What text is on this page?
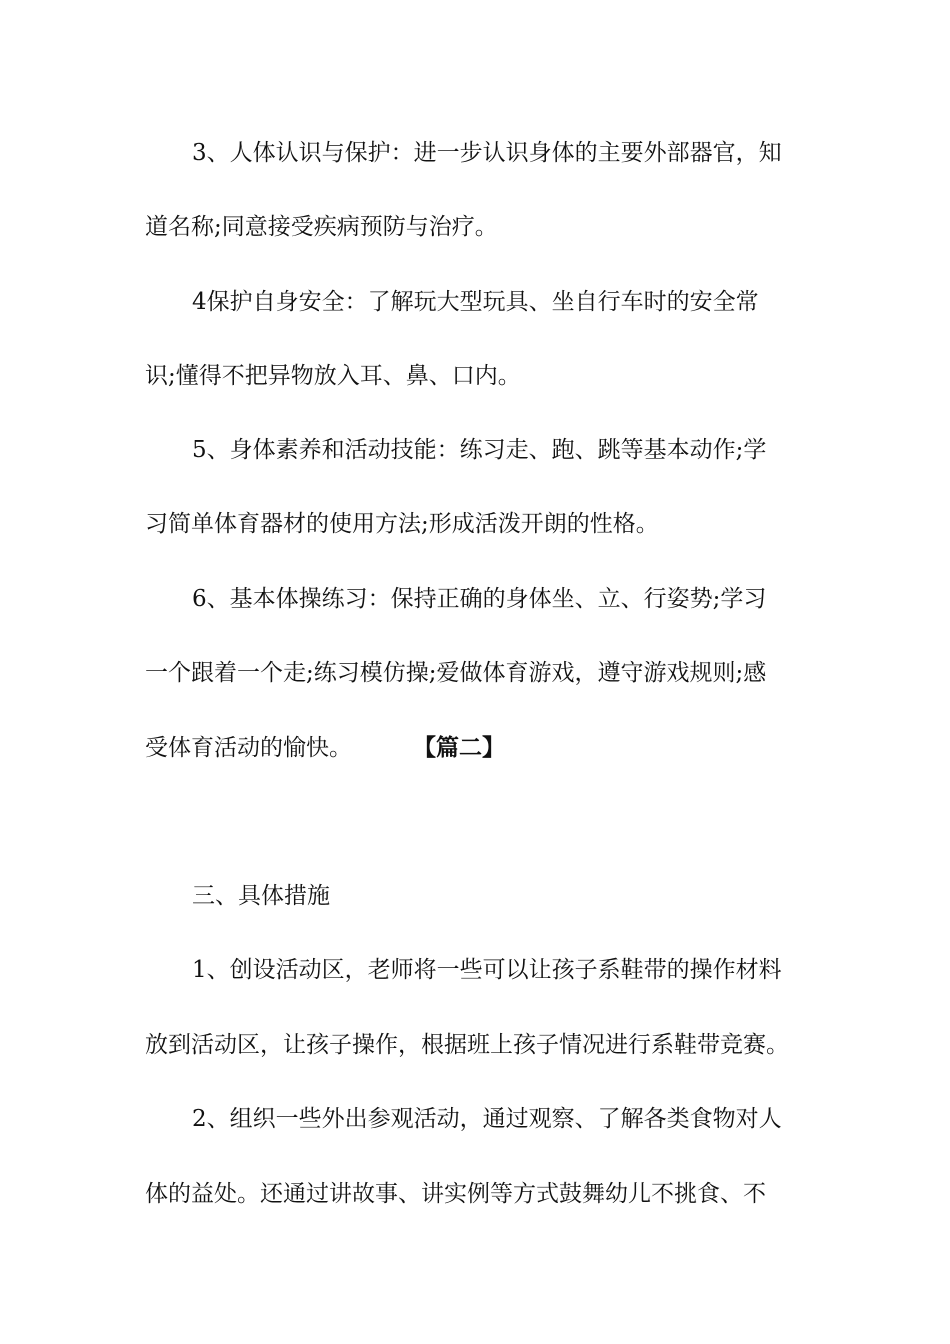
3、人体认识与保护：进一步认识身体的主要外部器官，知
道名称;同意接受疾病预防与治疗。
4保护自身安全：了解玩大型玩具、坐自行车时的安全常
识;懂得不把异物放入耳、鼻、口内。
5、身体素养和活动技能：练习走、跑、跳等基本动作;学
习简单体育器材的使用方法;形成活泼开朗的性格。
6、基本体操练习：保持正确的身体坐、立、行姿势;学习
一个跟着一个走;练习模仿操;爱做体育游戏，遵守游戏规则;感
受体育活动的愉快。	【篇二】
三、具体措施
1、创设活动区，老师将一些可以让孩子系鞋带的操作材料
放到活动区，让孩子操作，根据班上孩子情况进行系鞋带竞赛。
2、组织一些外出参观活动，通过观察、了解各类食物对人
体的益处。还通过讲故事、讲实例等方式鼓舞幼儿不挑食、不
